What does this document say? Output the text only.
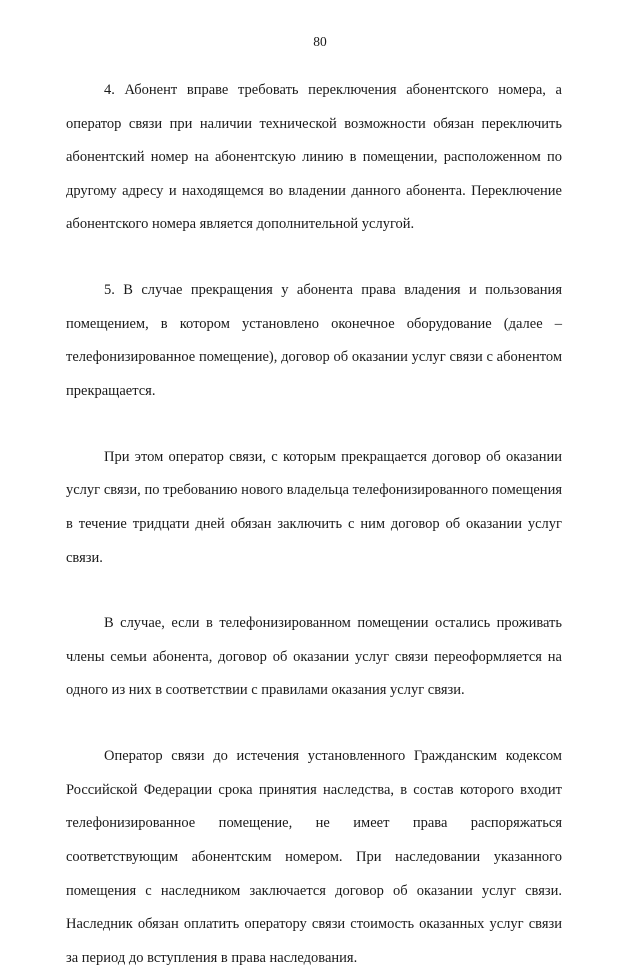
80

4. Абонент вправе требовать переключения абонентского номера, а оператор связи при наличии технической возможности обязан переключить абонентский номер на абонентскую линию в помещении, расположенном по другому адресу и находящемся во владении данного абонента. Переключение абонентского номера является дополнительной услугой.

5. В случае прекращения у абонента права владения и пользования помещением, в котором установлено оконечное оборудование (далее – телефонизированное помещение), договор об оказании услуг связи с абонентом прекращается.

При этом оператор связи, с которым прекращается договор об оказании услуг связи, по требованию нового владельца телефонизированного помещения в течение тридцати дней обязан заключить с ним договор об оказании услуг связи.

В случае, если в телефонизированном помещении остались проживать члены семьи абонента, договор об оказании услуг связи переоформляется на одного из них в соответствии с правилами оказания услуг связи.

Оператор связи до истечения установленного Гражданским кодексом Российской Федерации срока принятия наследства, в состав которого входит телефонизированное помещение, не имеет права распоряжаться соответствующим абонентским номером. При наследовании указанного помещения с наследником заключается договор об оказании услуг связи. Наследник обязан оплатить оператору связи стоимость оказанных услуг связи за период до вступления в права наследования.
